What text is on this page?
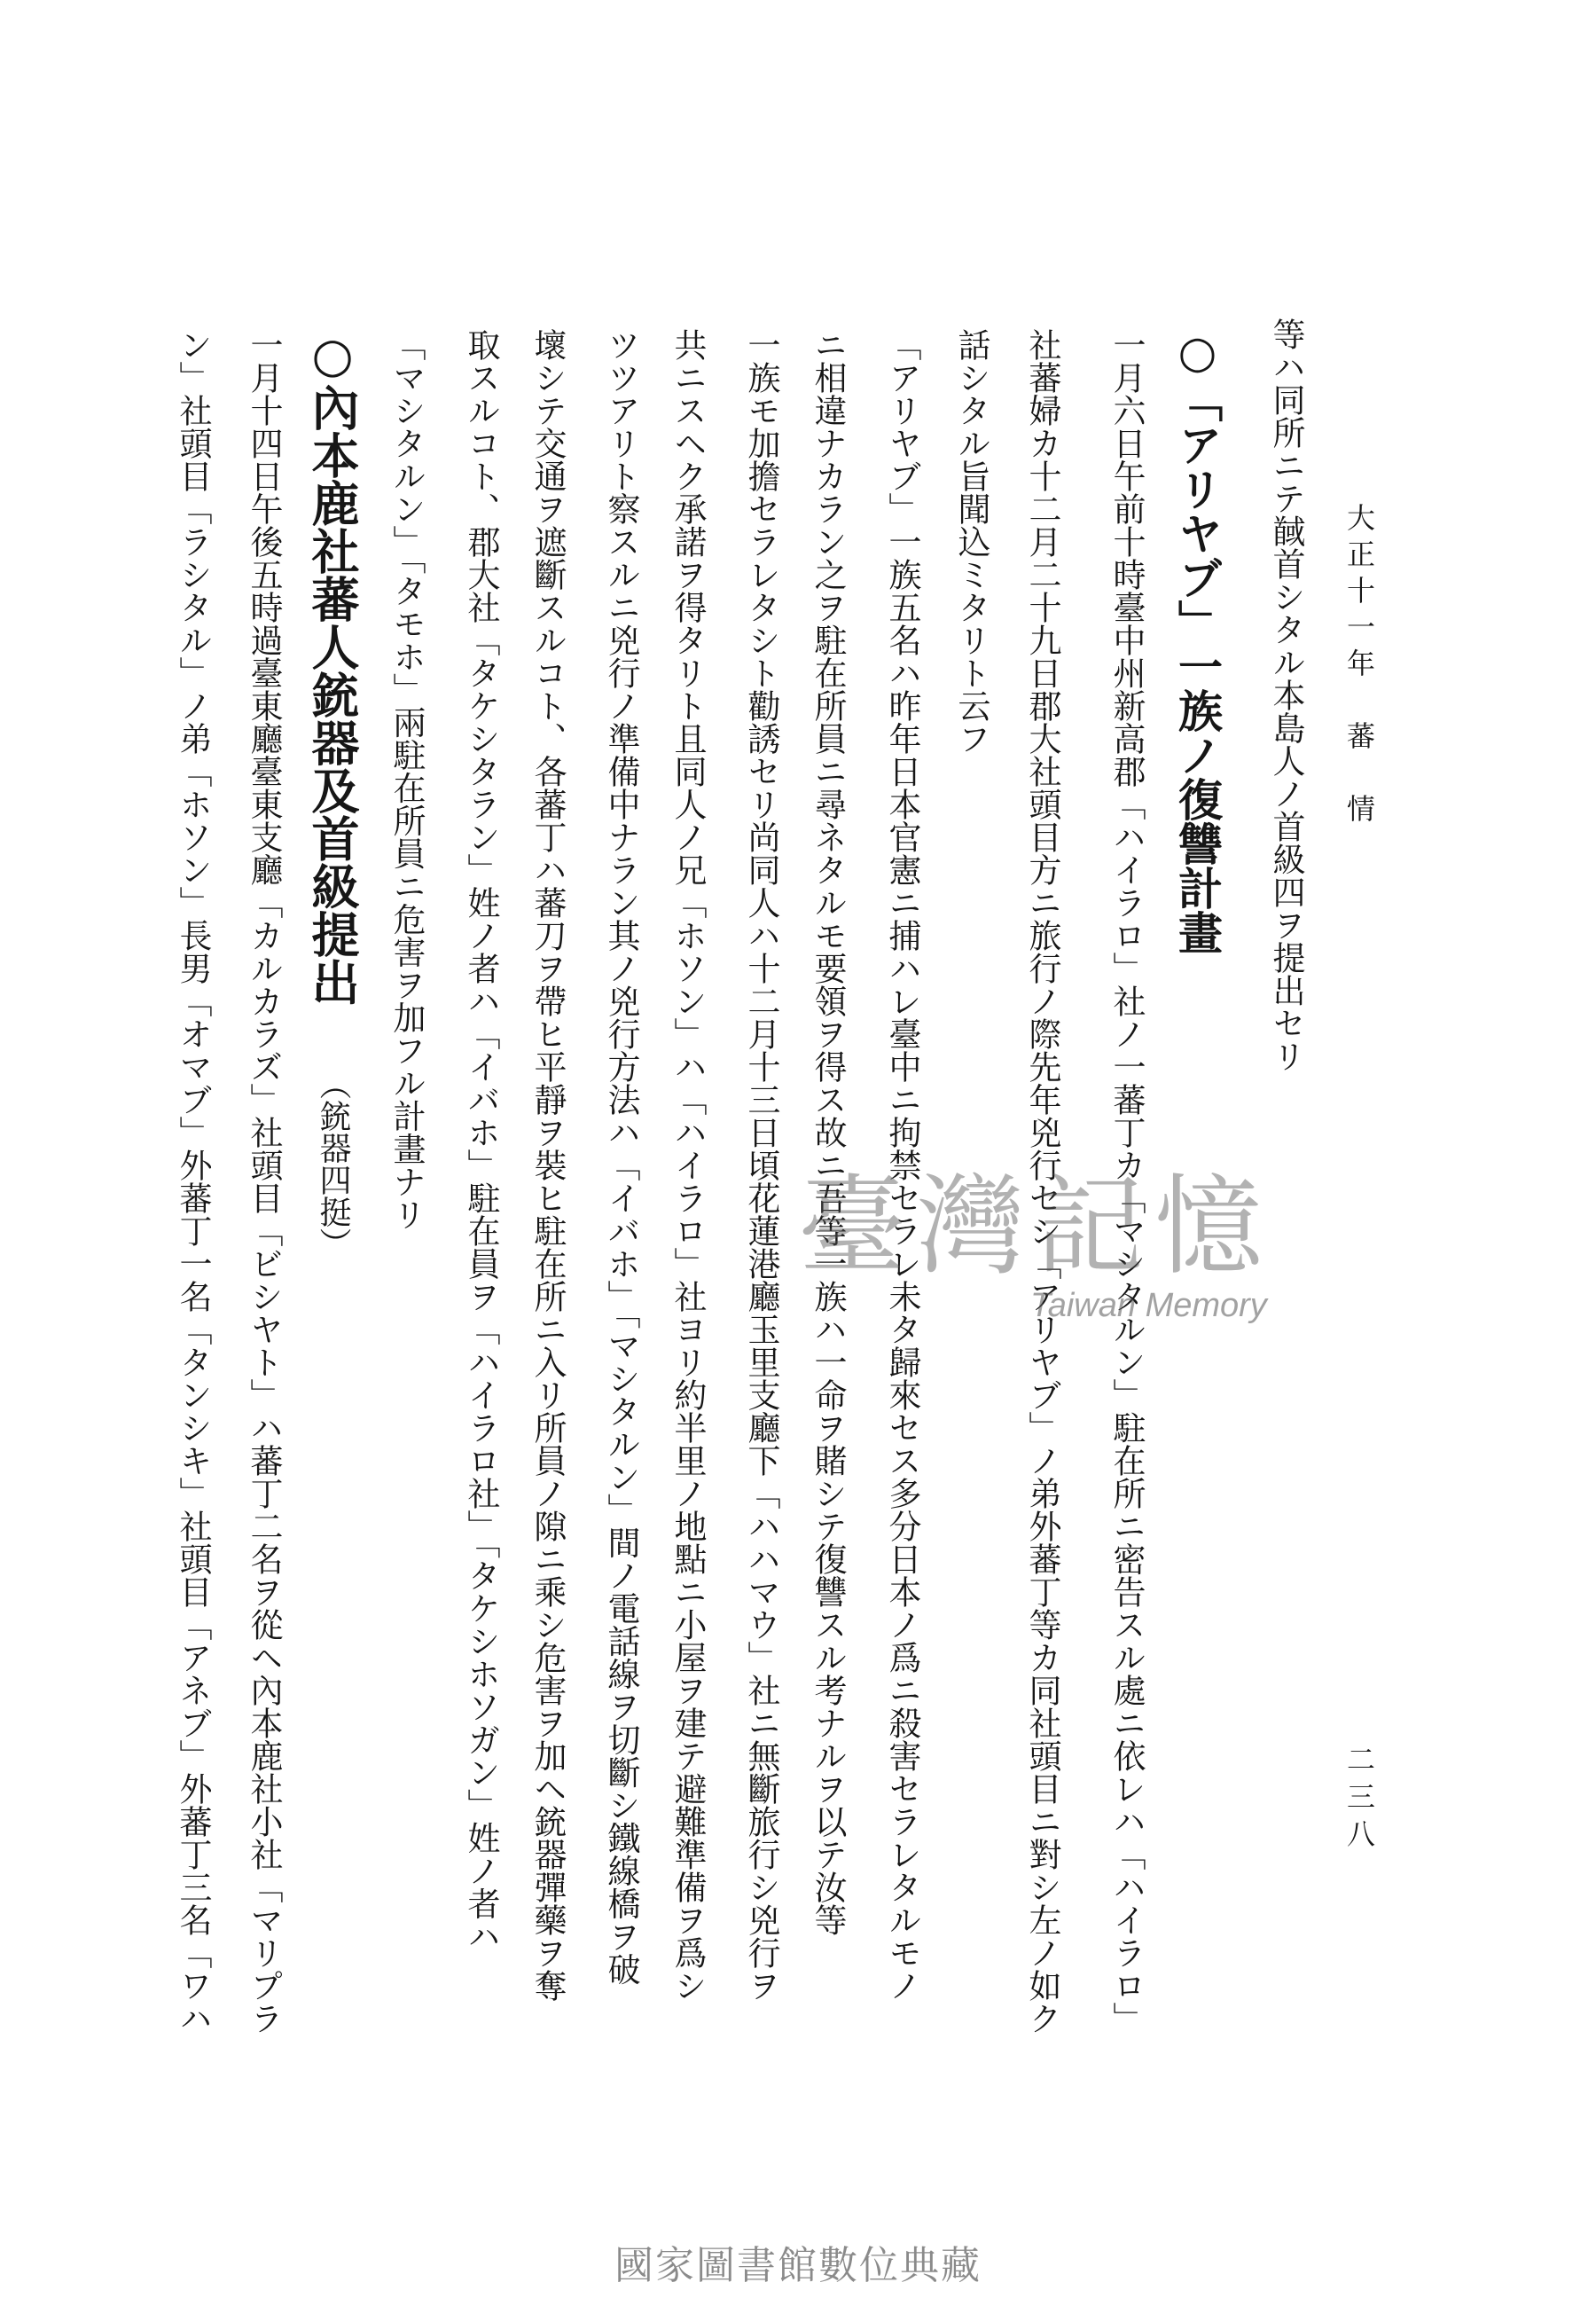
大正十一年　蕃　情
二三八
等ハ同所ニテ馘首シタル本島人ノ首級四ヲ提出セリ
○「アリヤブ」一族ノ復讐計畫
一月六日午前十時臺中州新高郡「ハイラロ」社ノ一蕃丁カ「マシタルン」駐在所ニ密告スル處ニ依レハ「ハイラロ」
社蕃婦カ十二月二十九日郡大社頭目方ニ旅行ノ際先年兇行セシ「アリヤブ」ノ弟外蕃丁等カ同社頭目ニ對シ左ノ如ク
話シタル旨聞込ミタリト云フ
「アリヤブ」一族五名ハ昨年日本官憲ニ捕ハレ臺中ニ拘禁セラレ未タ歸來セス多分日本ノ爲ニ殺害セラレタルモノ
ニ相違ナカラン之ヲ駐在所員ニ尋ネタルモ要領ヲ得ス故ニ吾等一族ハ一命ヲ賭シテ復讐スル考ナルヲ以テ汝等
一族モ加擔セラレタシト勸誘セリ尚同人ハ十二月十三日頃花蓮港廳玉里支廳下「ハハマウ」社ニ無斷旅行シ兇行ヲ
共ニスヘク承諾ヲ得タリト且同人ノ兄「ホソン」ハ「ハイラロ」社ヨリ約半里ノ地點ニ小屋ヲ建テ避難準備ヲ爲シ
ツツアリト察スルニ兇行ノ準備中ナラン其ノ兇行方法ハ「イバホ」「マシタルン」間ノ電話線ヲ切斷シ鐵線橋ヲ破
壞シテ交通ヲ遮斷スルコト、各蕃丁ハ蕃刀ヲ帶ヒ平靜ヲ裝ヒ駐在所ニ入リ所員ノ隙ニ乘シ危害ヲ加ヘ銃器彈藥ヲ奪
取スルコト、郡大社「タケシタラン」姓ノ者ハ「イバホ」駐在員ヲ「ハイラロ社」「タケシホソガン」姓ノ者ハ
「マシタルン」「タモホ」兩駐在所員ニ危害ヲ加フル計畫ナリ
○內本鹿社蕃人銃器及首級提出（銃器四挺）
一月十四日午後五時過臺東廳臺東支廳「カルカラズ」社頭目「ビシヤト」ハ蕃丁二名ヲ從ヘ內本鹿社小社「マリプラ
ン」社頭目「ラシタル」ノ弟「ホソン」長男「オマブ」外蕃丁一名「タンシキ」社頭目「アネブ」外蕃丁三名「ワハ	臺灣記憶
Taiwan Memory
國家圖書館數位典藏
